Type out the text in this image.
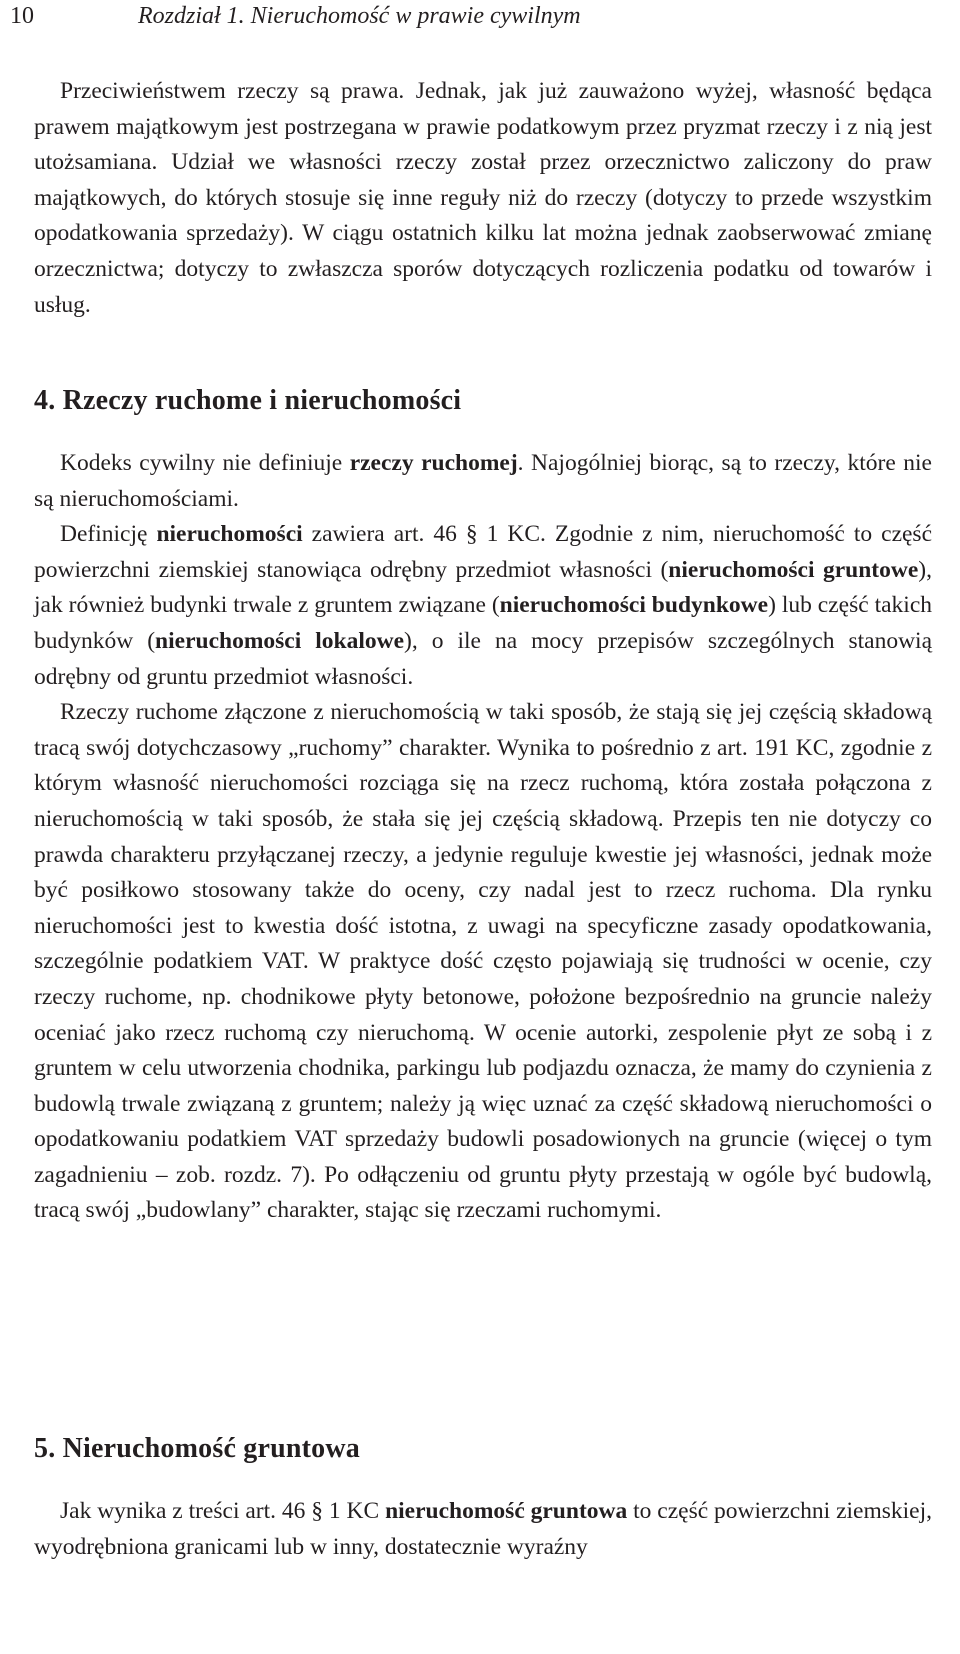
10	Rozdział 1. Nieruchomość w prawie cywilnym

Przeciwieństwem rzeczy są prawa. Jednak, jak już zauważono wyżej, własność będąca prawem majątkowym jest postrzegana w prawie podatkowym przez pryzmat rzeczy i z nią jest utożsamiana. Udział we własności rzeczy został przez orzecznictwo zaliczony do praw majątkowych, do których stosuje się inne reguły niż do rzeczy (dotyczy to przede wszystkim opodatkowania sprzedaży). W ciągu ostatnich kilku lat można jednak zaobserwować zmianę orzecznictwa; dotyczy to zwłaszcza sporów dotyczących rozliczenia podatku od towarów i usług.

4. Rzeczy ruchome i nieruchomości

Kodeks cywilny nie definiuje rzeczy ruchomej. Najogólniej biorąc, są to rzeczy, które nie są nieruchomościami.

Definicję nieruchomości zawiera art. 46 § 1 KC. Zgodnie z nim, nieruchomość to część powierzchni ziemskiej stanowiąca odrębny przedmiot własności (nieruchomości gruntowe), jak również budynki trwale z gruntem związane (nieruchomości budynkowe) lub część takich budynków (nieruchomości lokalowe), o ile na mocy przepisów szczególnych stanowią odrębny od gruntu przedmiot własności.

Rzeczy ruchome złączone z nieruchomością w taki sposób, że stają się jej częścią składową tracą swój dotychczasowy „ruchomy” charakter. Wynika to pośrednio z art. 191 KC, zgodnie z którym własność nieruchomości rozciąga się na rzecz ruchomą, która została połączona z nieruchomością w taki sposób, że stała się jej częścią składową. Przepis ten nie dotyczy co prawda charakteru przyłączanej rzeczy, a jedynie reguluje kwestie jej własności, jednak może być posiłkowo stosowany także do oceny, czy nadal jest to rzecz ruchoma. Dla rynku nieruchomości jest to kwestia dość istotna, z uwagi na specyficzne zasady opodatkowania, szczególnie podatkiem VAT. W praktyce dość często pojawiają się trudności w ocenie, czy rzeczy ruchome, np. chodnikowe płyty betonowe, położone bezpośrednio na gruncie należy oceniać jako rzecz ruchomą czy nieruchomą. W ocenie autorki, zespolenie płyt ze sobą i z gruntem w celu utworzenia chodnika, parkingu lub podjazdu oznacza, że mamy do czynienia z budowlą trwale związaną z gruntem; należy ją więc uznać za część składową nieruchomości o opodatkowaniu podatkiem VAT sprzedaży budowli posadowionych na gruncie (więcej o tym zagadnieniu – zob. rozdz. 7). Po odłączeniu od gruntu płyty przestają w ogóle być budowlą, tracą swój „budowlany” charakter, stając się rzeczami ruchomymi.

5. Nieruchomość gruntowa

Jak wynika z treści art. 46 § 1 KC nieruchomość gruntowa to część powierzchni ziemskiej, wyodrębniona granicami lub w inny, dostatecznie wyraźny
